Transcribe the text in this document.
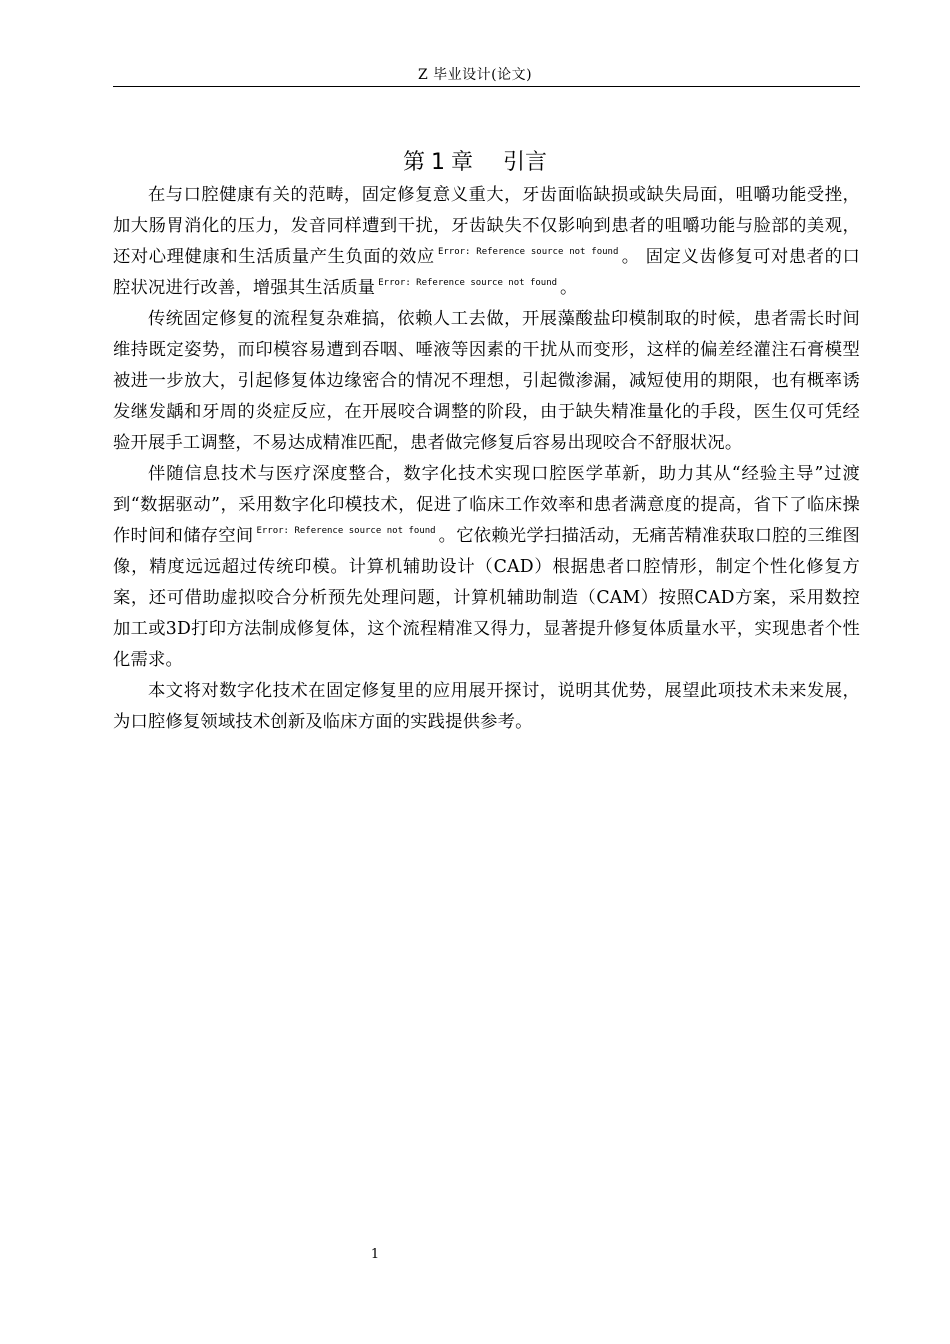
Z 毕业设计(论文)
第 1 章 引言

在与口腔健康有关的范畴，固定修复意义重大，牙齿面临缺损或缺失局面，咀嚼功能受挫，加大肠胃消化的压力，发音同样遭到干扰，牙齿缺失不仅影响到患者的咀嚼功能与脸部的美观，还对心理健康和生活质量产生负面的效应 $^{Error: Reference source not found}$ 。 固定义齿修复可对患者的口腔状况进行改善，增强其生活质量 $^{Error: Reference source not found}$ 。

传统固定修复的流程复杂难搞，依赖人工去做，开展藻酸盐印模制取的时候，患者需长时间维持既定姿势，而印模容易遭到吞咽、唾液等因素的干扰从而变形，这样的偏差经灌注石膏模型被进一步放大，引起修复体边缘密合的情况不理想，引起微渗漏，减短使用的期限，也有概率诱发继发龋和牙周的炎症反应，在开展咬合调整的阶段，由于缺失精准量化的手段，医生仅可凭经验开展手工调整，不易达成精准匹配，患者做完修复后容易出现咬合不舒服状况。

伴随信息技术与医疗深度整合，数字化技术实现口腔医学革新，助力其从“经验主导”过渡到“数据驱动”，采用数字化印模技术，促进了临床工作效率和患者满意度的提高，省下了临床操作时间和储存空间 $^{Error: Reference source not found}$ 。它依赖光学扫描活动，无痛苦精准获取口腔的三维图像，精度远远超过传统印模。计算机辅助设计（CAD）根据患者口腔情形，制定个性化修复方案，还可借助虚拟咬合分析预先处理问题，计算机辅助制造（CAM）按照CAD方案，采用数控加工或3D打印方法制成修复体，这个流程精准又得力，显著提升修复体质量水平，实现患者个性化需求。

本文将对数字化技术在固定修复里的应用展开探讨，说明其优势，展望此项技术未来发展，为口腔修复领域技术创新及临床方面的实践提供参考。

1
